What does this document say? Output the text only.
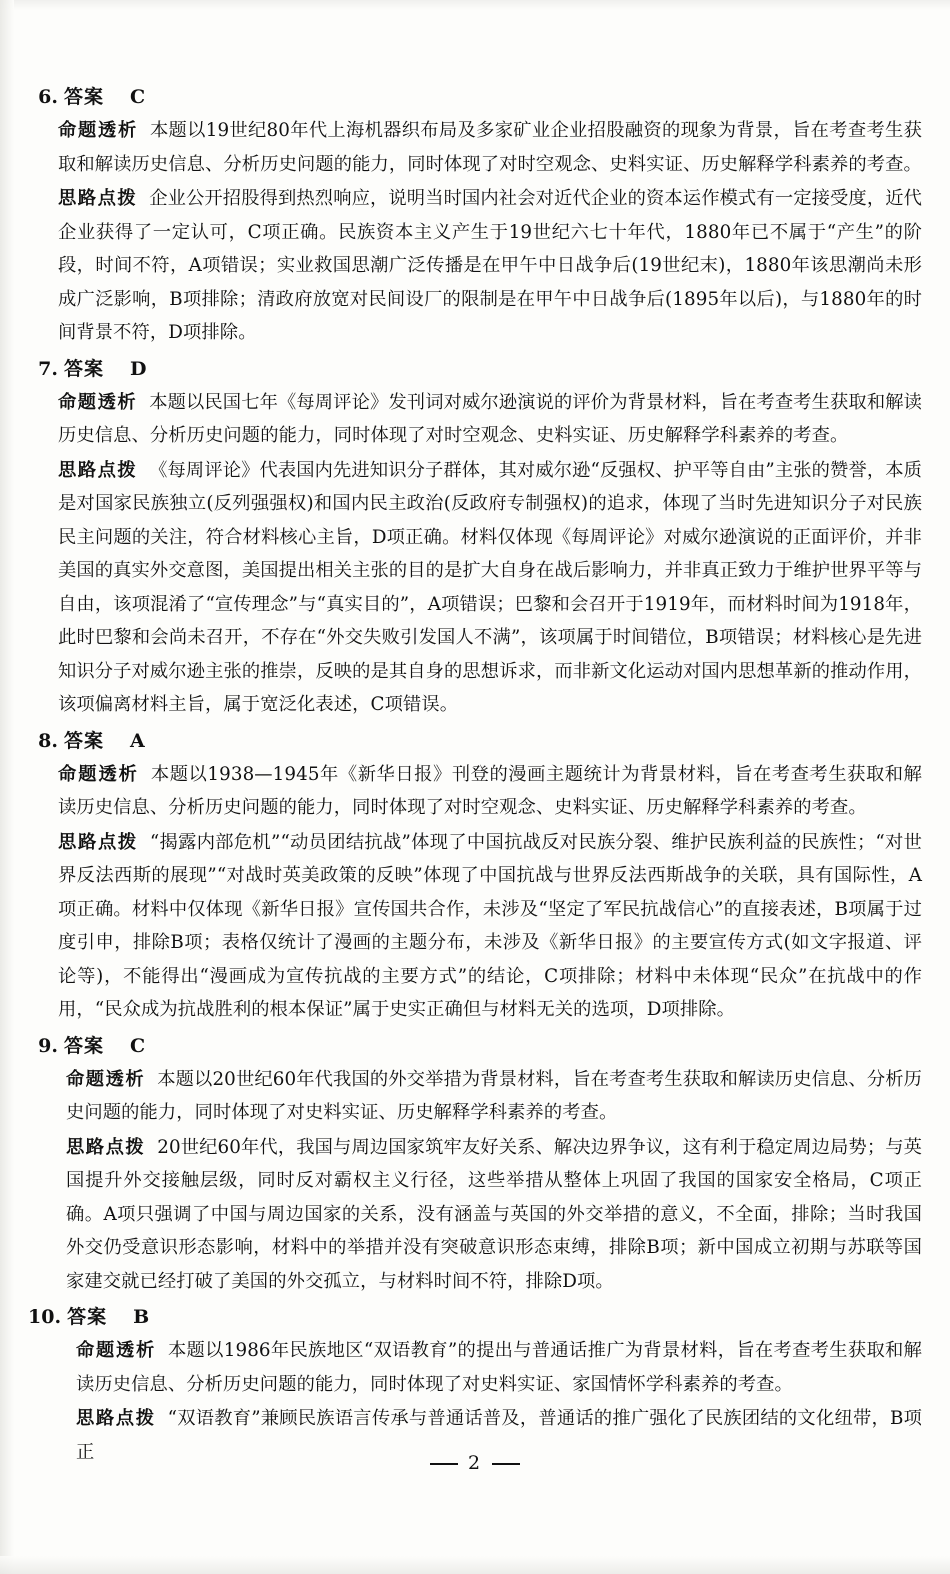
6. 答案 C

命题透析 本题以19世纪80年代上海机器织布局及多家矿业企业招股融资的现象为背景，旨在考查考生获取和解读历史信息、分析历史问题的能力，同时体现了对时空观念、史料实证、历史解释学科素养的考查。

思路点拨 企业公开招股得到热烈响应，说明当时国内社会对近代企业的资本运作模式有一定接受度，近代企业获得了一定认可，C项正确。民族资本主义产生于19世纪六七十年代，1880年已不属于“产生”的阶段，时间不符，A项错误；实业救国思潮广泛传播是在甲午中日战争后(19世纪末)，1880年该思潮尚未形成广泛影响，B项排除；清政府放宽对民间设厂的限制是在甲午中日战争后(1895年以后)，与1880年的时间背景不符，D项排除。

7. 答案 D

命题透析 本题以民国七年《每周评论》发刊词对威尔逊演说的评价为背景材料，旨在考查考生获取和解读历史信息、分析历史问题的能力，同时体现了对时空观念、史料实证、历史解释学科素养的考查。

思路点拨 《每周评论》代表国内先进知识分子群体，其对威尔逊“反强权、护平等自由”主张的赞誉，本质是对国家民族独立(反列强强权)和国内民主政治(反政府专制强权)的追求，体现了当时先进知识分子对民族民主问题的关注，符合材料核心主旨，D项正确。材料仅体现《每周评论》对威尔逊演说的正面评价，并非美国的真实外交意图，美国提出相关主张的目的是扩大自身在战后影响力，并非真正致力于维护世界平等与自由，该项混淆了“宣传理念”与“真实目的”，A项错误；巴黎和会召开于1919年，而材料时间为1918年，此时巴黎和会尚未召开，不存在“外交失败引发国人不满”，该项属于时间错位，B项错误；材料核心是先进知识分子对威尔逊主张的推崇，反映的是其自身的思想诉求，而非新文化运动对国内思想革新的推动作用，该项偏离材料主旨，属于宽泛化表述，C项错误。

8. 答案 A

命题透析 本题以1938—1945年《新华日报》刊登的漫画主题统计为背景材料，旨在考查考生获取和解读历史信息、分析历史问题的能力，同时体现了对时空观念、史料实证、历史解释学科素养的考查。

思路点拨 “揭露内部危机”“动员团结抗战”体现了中国抗战反对民族分裂、维护民族利益的民族性；“对世界反法西斯的展现”“对战时英美政策的反映”体现了中国抗战与世界反法西斯战争的关联，具有国际性，A项正确。材料中仅体现《新华日报》宣传国共合作，未涉及“坚定了军民抗战信心”的直接表述，B项属于过度引申，排除B项；表格仅统计了漫画的主题分布，未涉及《新华日报》的主要宣传方式(如文字报道、评论等)，不能得出“漫画成为宣传抗战的主要方式”的结论，C项排除；材料中未体现“民众”在抗战中的作用，“民众成为抗战胜利的根本保证”属于史实正确但与材料无关的选项，D项排除。

9. 答案 C

命题透析 本题以20世纪60年代我国的外交举措为背景材料，旨在考查考生获取和解读历史信息、分析历史问题的能力，同时体现了对史料实证、历史解释学科素养的考查。

思路点拨 20世纪60年代，我国与周边国家筑牢友好关系、解决边界争议，这有利于稳定周边局势；与英国提升外交接触层级，同时反对霸权主义行径，这些举措从整体上巩固了我国的国家安全格局，C项正确。A项只强调了中国与周边国家的关系，没有涵盖与英国的外交举措的意义，不全面，排除；当时我国外交仍受意识形态影响，材料中的举措并没有突破意识形态束缚，排除B项；新中国成立初期与苏联等国家建交就已经打破了美国的外交孤立，与材料时间不符，排除D项。

10. 答案 B

命题透析 本题以1986年民族地区“双语教育”的提出与普通话推广为背景材料，旨在考查考生获取和解读历史信息、分析历史问题的能力，同时体现了对史料实证、家国情怀学科素养的考查。

思路点拨 “双语教育”兼顾民族语言传承与普通话普及，普通话的推广强化了民族团结的文化纽带，B项正	2
